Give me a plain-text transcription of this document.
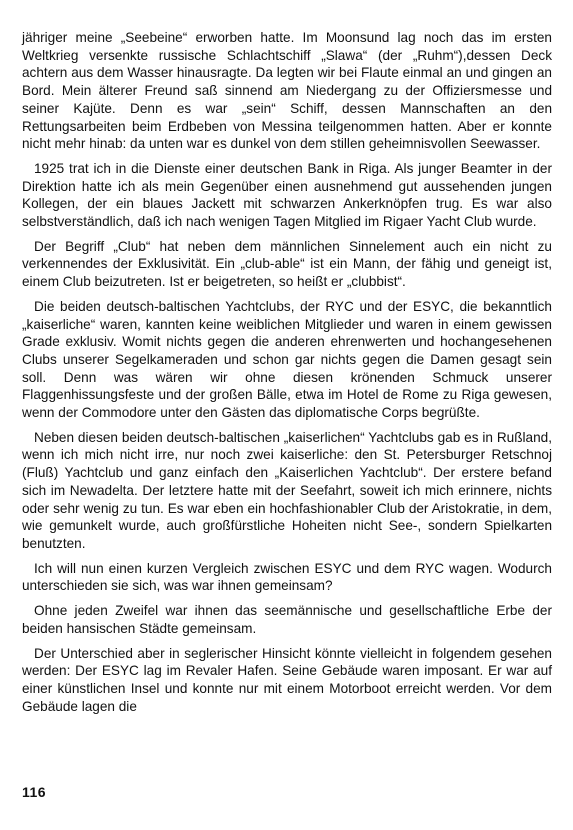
jähriger meine „Seebeine“ erworben hatte. Im Moonsund lag noch das im ersten Weltkrieg versenkte russische Schlachtschiff „Slawa“ (der „Ruhm“),dessen Deck achtern aus dem Wasser hinausragte. Da legten wir bei Flaute einmal an und gingen an Bord. Mein älterer Freund saß sinnend am Niedergang zu der Offiziersmesse und seiner Kajüte. Denn es war „sein“ Schiff, dessen Mannschaften an den Rettungsarbeiten beim Erdbeben von Messina teilgenommen hatten. Aber er konnte nicht mehr hinab: da unten war es dunkel von dem stillen geheimnisvollen Seewasser.

1925 trat ich in die Dienste einer deutschen Bank in Riga. Als junger Beamter in der Direktion hatte ich als mein Gegenüber einen ausnehmend gut aussehenden jungen Kollegen, der ein blaues Jackett mit schwarzen Ankerknöpfen trug. Es war also selbstverständlich, daß ich nach wenigen Tagen Mitglied im Rigaer Yacht Club wurde.

Der Begriff „Club“ hat neben dem männlichen Sinnelement auch ein nicht zu verkennendes der Exklusivität. Ein „club-able“ ist ein Mann, der fähig und geneigt ist, einem Club beizutreten. Ist er beigetreten, so heißt er „clubbist“.

Die beiden deutsch-baltischen Yachtclubs, der RYC und der ESYC, die bekanntlich „kaiserliche“ waren, kannten keine weiblichen Mitglieder und waren in einem gewissen Grade exklusiv. Womit nichts gegen die anderen ehrenwerten und hochangesehenen Clubs unserer Segelkameraden und schon gar nichts gegen die Damen gesagt sein soll. Denn was wären wir ohne diesen krönenden Schmuck unserer Flaggenhissungsfeste und der großen Bälle, etwa im Hotel de Rome zu Riga gewesen, wenn der Commodore unter den Gästen das diplomatische Corps begrüßte.

Neben diesen beiden deutsch-baltischen „kaiserlichen“ Yachtclubs gab es in Rußland, wenn ich mich nicht irre, nur noch zwei kaiserliche: den St. Petersburger Retschnoj (Fluß) Yachtclub und ganz einfach den „Kaiserlichen Yachtclub“. Der erstere befand sich im Newadelta. Der letztere hatte mit der Seefahrt, soweit ich mich erinnere, nichts oder sehr wenig zu tun. Es war eben ein hochfashionabler Club der Aristokratie, in dem, wie gemunkelt wurde, auch großfürstliche Hoheiten nicht See-, sondern Spielkarten benutzten.

Ich will nun einen kurzen Vergleich zwischen ESYC und dem RYC wagen. Wodurch unterschieden sie sich, was war ihnen gemeinsam?

Ohne jeden Zweifel war ihnen das seemännische und gesellschaftliche Erbe der beiden hansischen Städte gemeinsam.

Der Unterschied aber in seglerischer Hinsicht könnte vielleicht in folgendem gesehen werden: Der ESYC lag im Revaler Hafen. Seine Gebäude waren imposant. Er war auf einer künstlichen Insel und konnte nur mit einem Motorboot erreicht werden. Vor dem Gebäude lagen die

116
